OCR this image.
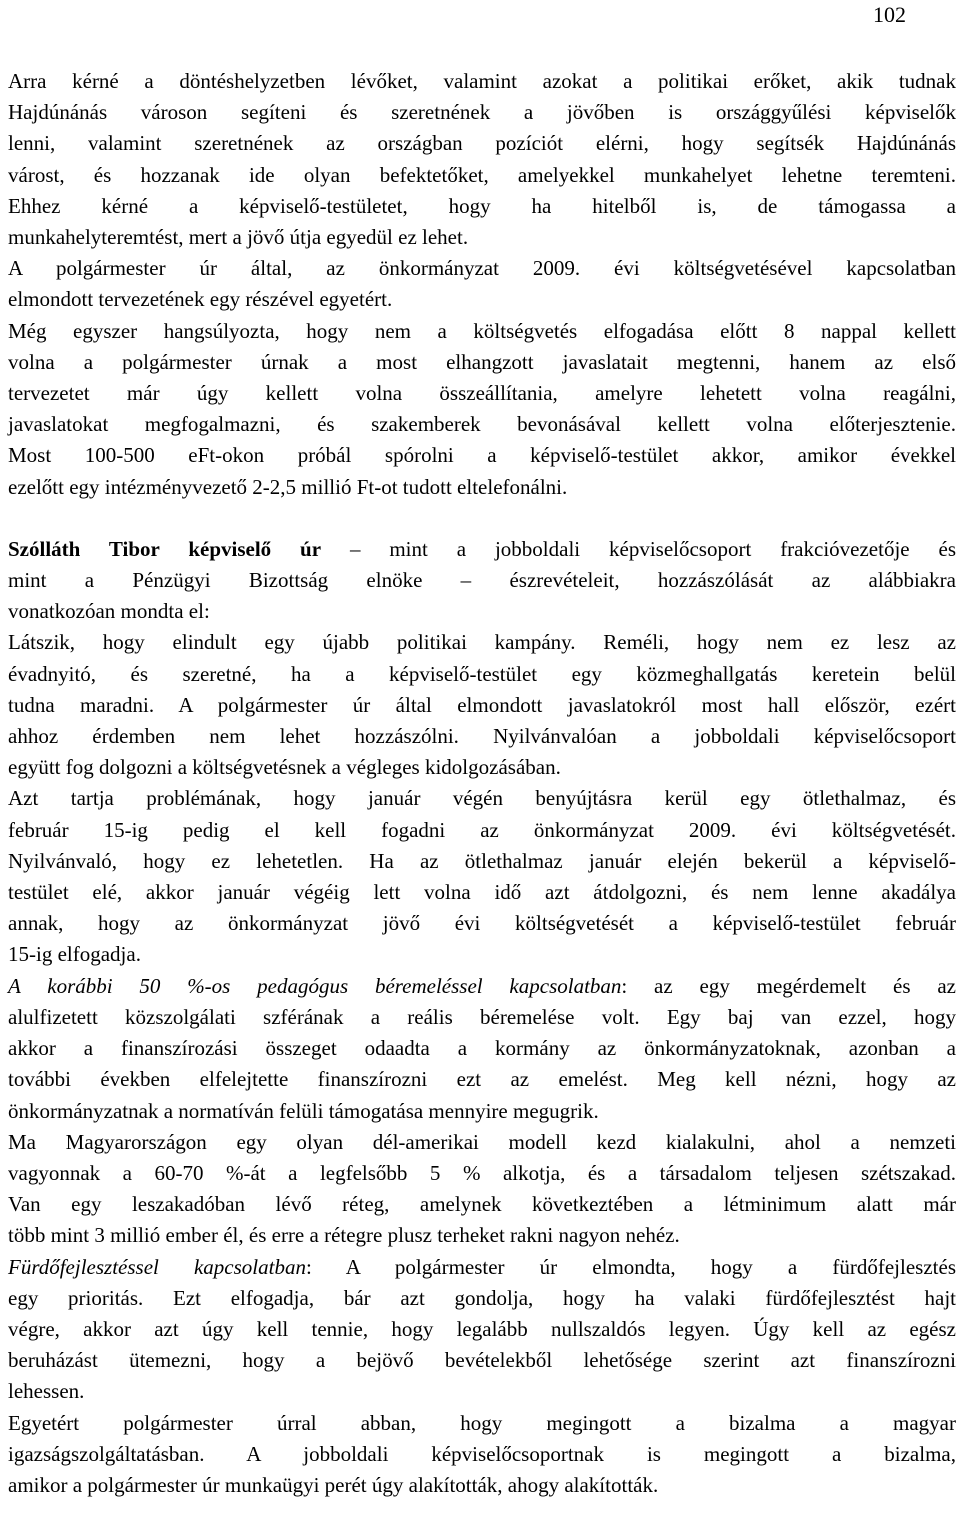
102
Arra kérné a döntéshelyzetben lévőket, valamint azokat a politikai erőket, akik tudnak
Hajdúnánás városon segíteni és szeretnének a jövőben is országgyűlési képviselők
lenni, valamint szeretnének az országban pozíciót elérni, hogy segítsék Hajdúnánás
várost, és hozzanak ide olyan befektetőket, amelyekkel munkahelyet lehetne teremteni.
Ehhez kérné a képviselő-testületet, hogy ha hitelből is, de támogassa a
munkahelyteremtést, mert a jövő útja egyedül ez lehet.
A polgármester úr által, az önkormányzat 2009. évi költségvetésével kapcsolatban
elmondott tervezetének egy részével egyetért.
Még egyszer hangsúlyozta, hogy nem a költségvetés elfogadása előtt 8 nappal kellett
volna a polgármester úrnak a most elhangzott javaslatait megtenni, hanem az első
tervezetet már úgy kellett volna összeállítania, amelyre lehetett volna reagálni,
javaslatokat megfogalmazni, és szakemberek bevonásával kellett volna előterjesztenie.
Most 100-500 eFt-okon próbál spórolni a képviselő-testület akkor, amikor évekkel
ezelőtt egy intézményvezető 2-2,5 millió Ft-ot tudott eltelefonálni.
Szólláth Tibor képviselő úr – mint a jobboldali képviselőcsoport frakcióvezetője és
mint a Pénzügyi Bizottság elnöke – észrevételeit, hozzászólását az alábbiakra
vonatkozóan mondta el:
Látszik, hogy elindult egy újabb politikai kampány. Reméli, hogy nem ez lesz az
évadnyitó, és szeretné, ha a képviselő-testület egy közmeghallgatás keretein belül
tudna maradni. A polgármester úr által elmondott javaslatokról most hall először, ezért
ahhoz érdemben nem lehet hozzászólni. Nyilvánvalóan a jobboldali képviselőcsoport
együtt fog dolgozni a költségvetésnek a végleges kidolgozásában.
Azt tartja problémának, hogy január végén benyújtásra kerül egy ötlethalmaz, és
február 15-ig pedig el kell fogadni az önkormányzat 2009. évi költségvetését.
Nyilvánvaló, hogy ez lehetetlen. Ha az ötlethalmaz január elején bekerül a képviselő-
testület elé, akkor január végéig lett volna idő azt átdolgozni, és nem lenne akadálya
annak, hogy az önkormányzat jövő évi költségvetését a képviselő-testület február
15-ig elfogadja.
A korábbi 50 %-os pedagógus béremeléssel kapcsolatban: az egy megérdemelt és az
alulfizetett közszolgálati szférának a reális béremelése volt. Egy baj van ezzel, hogy
akkor a finanszírozási összeget odaadta a kormány az önkormányzatoknak, azonban a
további években elfelejtette finanszírozni ezt az emelést. Meg kell nézni, hogy az
önkormányzatnak a normatíván felüli támogatása mennyire megugrik.
Ma Magyarországon egy olyan dél-amerikai modell kezd kialakulni, ahol a nemzeti
vagyonnak a 60-70 %-át a legfelsőbb 5 % alkotja, és a társadalom teljesen szétszakad.
Van egy leszakadóban lévő réteg, amelynek következtében a létminimum alatt már
több mint 3 millió ember él, és erre a rétegre plusz terheket rakni nagyon nehéz.
Fürdőfejlesztéssel kapcsolatban: A polgármester úr elmondta, hogy a fürdőfejlesztés
egy prioritás. Ezt elfogadja, bár azt gondolja, hogy ha valaki fürdőfejlesztést hajt
végre, akkor azt úgy kell tennie, hogy legalább nullszaldós legyen. Úgy kell az egész
beruházást ütemezni, hogy a bejövő bevételekből lehetősége szerint azt finanszírozni
lehessen.
Egyetért polgármester úrral abban, hogy megingott a bizalma a magyar
igazságszolgáltatásban. A jobboldali képviselőcsoportnak is megingott a bizalma,
amikor a polgármester úr munkaügyi perét úgy alakították, ahogy alakították.
